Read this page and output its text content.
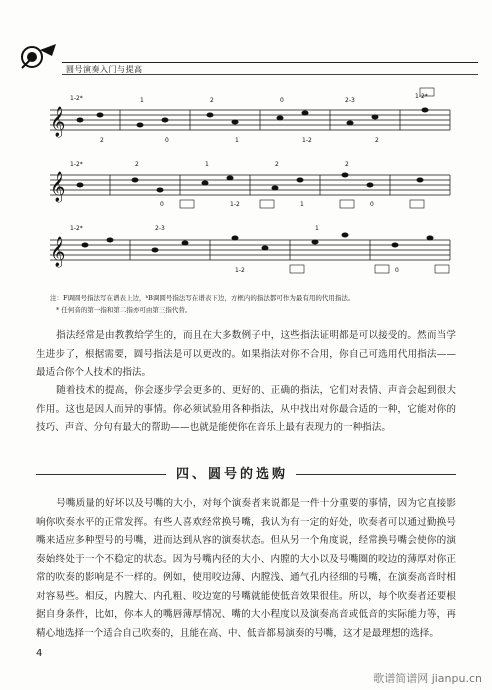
圆号演奏入门与提高
𝄞
𝄞
𝄞
1-2*
2
1
0
2
1
0
1-2
2-3
2
1-2*
1-2*	2
0
1
1-2
2
1
2
0
1-2*	2-3
1-2
1
0
注：F调圆号指法写在谱表上边，ᵇB调圆号指法写在谱表下边，方框内的指法都可作为最有用的代用指法。
* 任何音的第一指和第二指亦可由第三指代替。
指法经常是由教教给学生的，而且在大多数例子中，这些指法证明都是可以接受的。然而当学生进步了，根据需要，圆号指法是可以更改的。如果指法对你不合用，你自己可选用代用指法——最适合你个人技术的指法。
随着技术的提高，你会逐步学会更多的、更好的、正确的指法，它们对表情、声音会起到很大作用。这也是因人而异的事情。你必须试验用各种指法，从中找出对你最合适的一种，它能对你的技巧、声音、分句有最大的帮助——也就是能使你在音乐上最有表现力的一种指法。
四、圆号的选购
号嘴质量的好坏以及号嘴的大小，对每个演奏者来说都是一件十分重要的事情，因为它直接影响你吹奏水平的正常发挥。有些人喜欢经常换号嘴，我认为有一定的好处，吹奏者可以通过勤换号嘴来适应多种型号的号嘴，进而达到从容的演奏状态。但从另一个角度说，经常换号嘴会使你的演奏始终处于一个不稳定的状态。因为号嘴内径的大小、内膛的大小以及号嘴圈的咬边的薄厚对你正常的吹奏的影响是不一样的。例如，使用咬边薄、内膛浅、通气孔内径细的号嘴，在演奏高音时相对容易些。相反，内膛大、内孔粗、咬边宽的号嘴就能使低音效果很佳。所以，每个吹奏者还要根据自身条件，比如，你本人的嘴唇薄厚情况、嘴的大小程度以及演奏高音或低音的实际能力等，再精心地选择一个适合自己吹奏的，且能在高、中、低音都易演奏的号嘴，这才是最理想的选择。
4
歌谱简谱网 jianpu.cn
